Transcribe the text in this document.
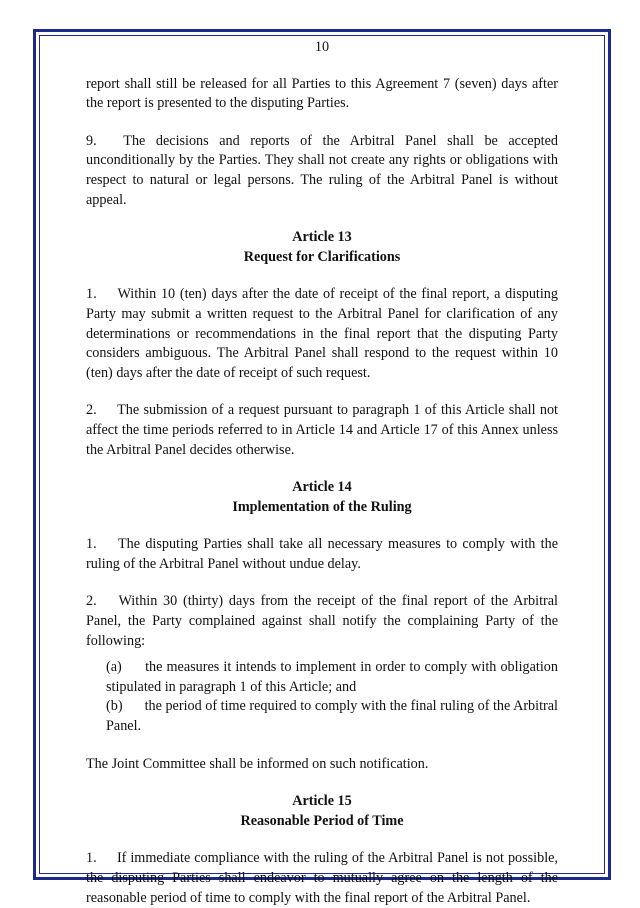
10

report shall still be released for all Parties to this Agreement 7 (seven) days after the report is presented to the disputing Parties.

9. The decisions and reports of the Arbitral Panel shall be accepted unconditionally by the Parties. They shall not create any rights or obligations with respect to natural or legal persons. The ruling of the Arbitral Panel is without appeal.

Article 13
Request for Clarifications

1. Within 10 (ten) days after the date of receipt of the final report, a disputing Party may submit a written request to the Arbitral Panel for clarification of any determinations or recommendations in the final report that the disputing Party considers ambiguous. The Arbitral Panel shall respond to the request within 10 (ten) days after the date of receipt of such request.

2. The submission of a request pursuant to paragraph 1 of this Article shall not affect the time periods referred to in Article 14 and Article 17 of this Annex unless the Arbitral Panel decides otherwise.

Article 14
Implementation of the Ruling

1. The disputing Parties shall take all necessary measures to comply with the ruling of the Arbitral Panel without undue delay.

2. Within 30 (thirty) days from the receipt of the final report of the Arbitral Panel, the Party complained against shall notify the complaining Party of the following:

(a) the measures it intends to implement in order to comply with obligation stipulated in paragraph 1 of this Article; and
(b) the period of time required to comply with the final ruling of the Arbitral Panel.

The Joint Committee shall be informed on such notification.

Article 15
Reasonable Period of Time

1. If immediate compliance with the ruling of the Arbitral Panel is not possible, the disputing Parties shall endeavor to mutually agree on the length of the reasonable period of time to comply with the final report of the Arbitral Panel.
